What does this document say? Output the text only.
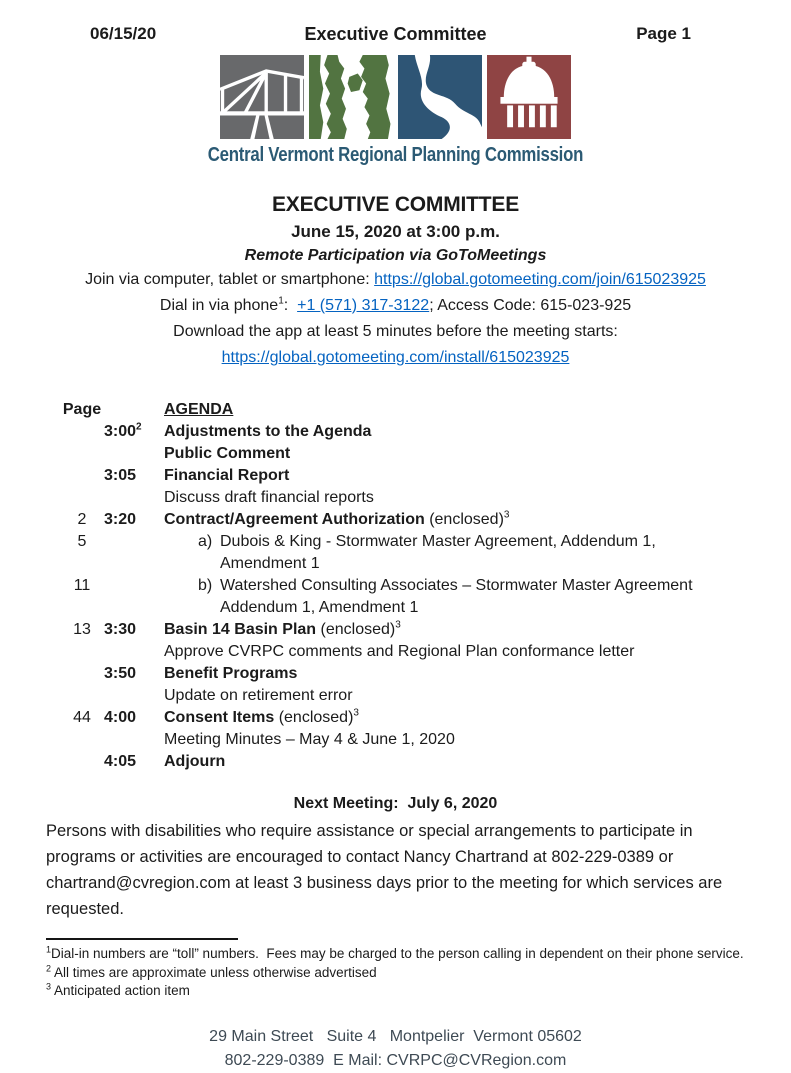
06/15/20	Executive Committee	Page 1
Central Vermont Regional Planning Commission
EXECUTIVE COMMITTEE
June 15, 2020 at 3:00 p.m.
Remote Participation via GoToMeetings
Join via computer, tablet or smartphone: https://global.gotomeeting.com/join/615023925
Dial in via phone$^1$:  +1 (571) 317-3122; Access Code: 615-023-925
Download the app at least 5 minutes before the meeting starts:
https://global.gotomeeting.com/install/615023925
Page	AGENDA
$3:00^2$	Adjustments to the Agenda
Public Comment
3:05	Financial Report
Discuss draft financial reports
2	3:20	Contract/Agreement Authorization (enclosed)$^3$
5	a) Dubois & King - Stormwater Master Agreement, Addendum 1, Amendment 1
11	b) Watershed Consulting Associates – Stormwater Master Agreement
Addendum 1, Amendment 1
13 3:30	Basin 14 Basin Plan (enclosed)$^3$
Approve CVRPC comments and Regional Plan conformance letter
3:50	Benefit Programs
Update on retirement error
44 4:00	Consent Items (enclosed)$^3$
Meeting Minutes – May 4 & June 1, 2020
4:05	Adjourn
Next Meeting:  July 6, 2020
Persons with disabilities who require assistance or special arrangements to participate in programs or activities are encouraged to contact Nancy Chartrand at 802-229-0389 or chartrand@cvregion.com at least 3 business days prior to the meeting for which services are requested.
$^1$Dial-in numbers are “toll” numbers.  Fees may be charged to the person calling in dependent on their phone service.
$^2$ All times are approximate unless otherwise advertised
$^3$ Anticipated action item
29 Main Street   Suite 4   Montpelier  Vermont 05602
802-229-0389  E Mail: CVRPC@CVRegion.com
